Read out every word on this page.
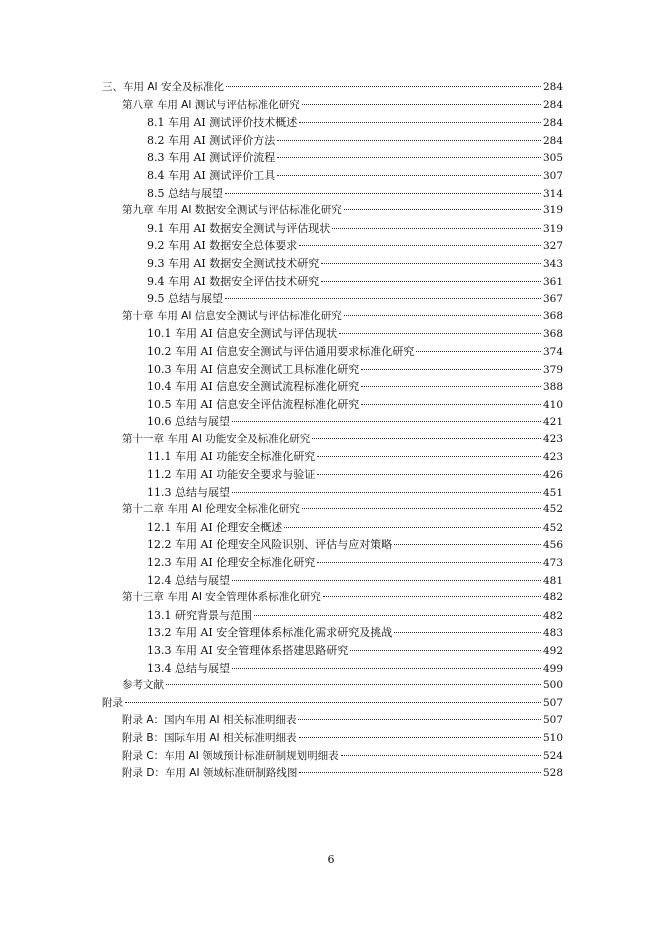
三、车用 AI 安全及标准化	284
第八章 车用 AI 测试与评估标准化研究	284
8.1 车用 AI 测试评价技术概述	284
8.2 车用 AI 测试评价方法	284
8.3 车用 AI 测试评价流程	305
8.4 车用 AI 测试评价工具	307
8.5 总结与展望	314
第九章 车用 AI 数据安全测试与评估标准化研究	319
9.1 车用 AI 数据安全测试与评估现状	319
9.2 车用 AI 数据安全总体要求	327
9.3 车用 AI 数据安全测试技术研究	343
9.4 车用 AI 数据安全评估技术研究	361
9.5 总结与展望	367
第十章 车用 AI 信息安全测试与评估标准化研究	368
10.1 车用 AI 信息安全测试与评估现状	368
10.2 车用 AI 信息安全测试与评估通用要求标准化研究	374
10.3 车用 AI 信息安全测试工具标准化研究	379
10.4 车用 AI 信息安全测试流程标准化研究	388
10.5 车用 AI 信息安全评估流程标准化研究	410
10.6 总结与展望	421
第十一章 车用 AI 功能安全及标准化研究	423
11.1 车用 AI 功能安全标准化研究	423
11.2 车用 AI 功能安全要求与验证	426
11.3 总结与展望	451
第十二章 车用 AI 伦理安全标准化研究	452
12.1 车用 AI 伦理安全概述	452
12.2 车用 AI 伦理安全风险识别、评估与应对策略	456
12.3 车用 AI 伦理安全标准化研究	473
12.4 总结与展望	481
第十三章 车用 AI 安全管理体系标准化研究	482
13.1 研究背景与范围	482
13.2 车用 AI 安全管理体系标准化需求研究及挑战	483
13.3 车用 AI 安全管理体系搭建思路研究	492
13.4 总结与展望	499
参考文献	500
附录	507
附录 A：国内车用 AI 相关标准明细表	507
附录 B：国际车用 AI 相关标准明细表	510
附录 C：车用 AI 领域预计标准研制规划明细表	524
附录 D：车用 AI 领域标准研制路线图	528
6
